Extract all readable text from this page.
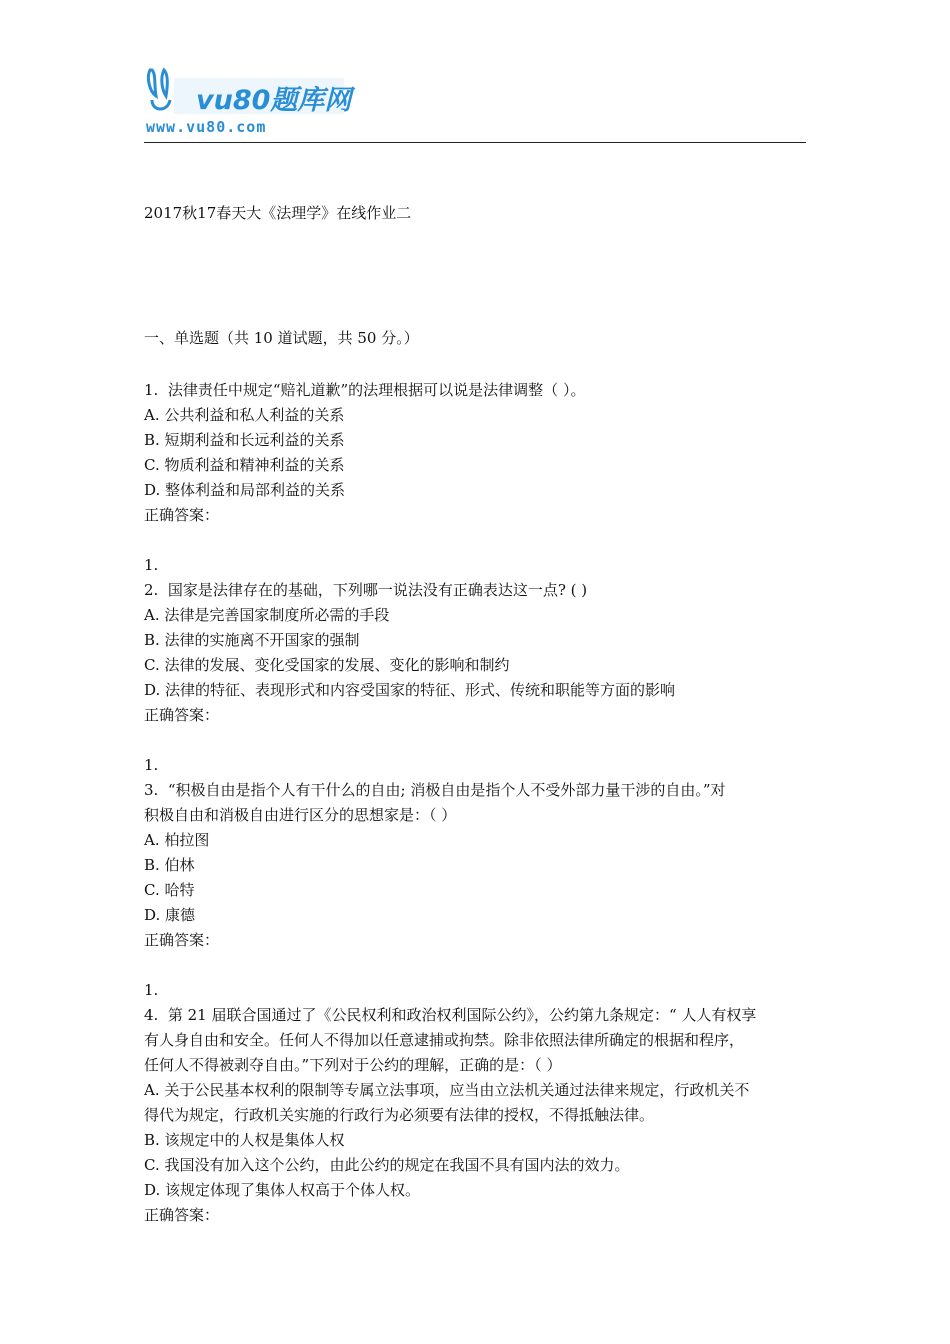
vu80题库网
www.vu80.com
2017秋17春天大《法理学》在线作业二
一、单选题（共 10 道试题，共 50 分。）
1.  法律责任中规定“赔礼道歉”的法理根据可以说是法律调整（ ）。
A. 公共利益和私人利益的关系
B. 短期利益和长远利益的关系
C. 物质利益和精神利益的关系
D. 整体利益和局部利益的关系
正确答案：
1.
2.  国家是法律存在的基础，下列哪一说法没有正确表达这一点? ( )
A. 法律是完善国家制度所必需的手段
B. 法律的实施离不开国家的强制
C. 法律的发展、变化受国家的发展、变化的影响和制约
D. 法律的特征、表现形式和内容受国家的特征、形式、传统和职能等方面的影响
正确答案：
1.
3.  “积极自由是指个人有干什么的自由; 消极自由是指个人不受外部力量干涉的自由。”对
积极自由和消极自由进行区分的思想家是：（ ）
A. 柏拉图
B. 伯林
C. 哈特
D. 康德
正确答案：
1.
4.  第 21 届联合国通过了《公民权利和政治权利国际公约》，公约第九条规定：“ 人人有权享
有人身自由和安全。任何人不得加以任意逮捕或拘禁。除非依照法律所确定的根据和程序，
任何人不得被剥夺自由。”下列对于公约的理解，正确的是：（ ）
A. 关于公民基本权利的限制等专属立法事项，应当由立法机关通过法律来规定，行政机关不
得代为规定，行政机关实施的行政行为必须要有法律的授权，不得抵触法律。
B. 该规定中的人权是集体人权
C. 我国没有加入这个公约，由此公约的规定在我国不具有国内法的效力。
D. 该规定体现了集体人权高于个体人权。
正确答案：
